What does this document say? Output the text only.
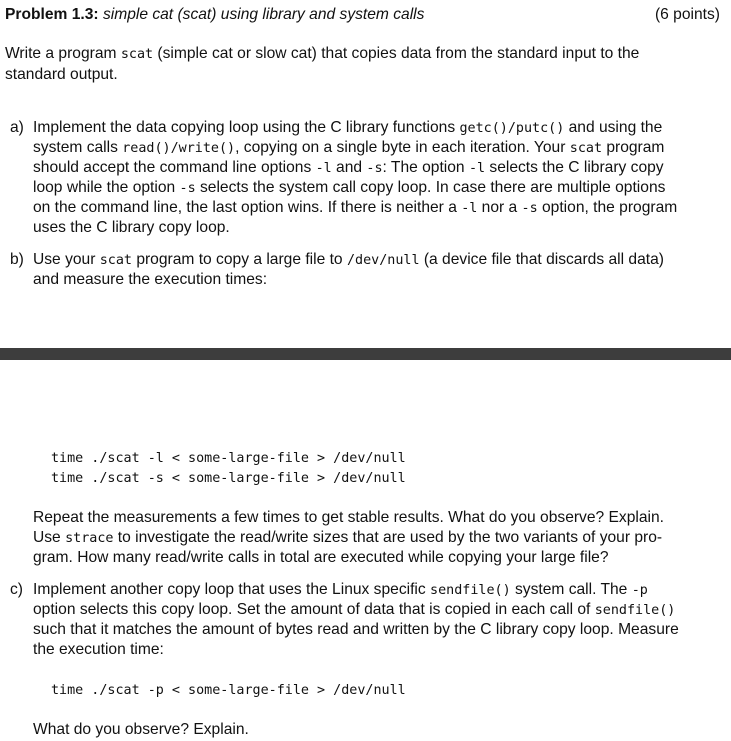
Problem 1.3: simple cat (scat) using library and system calls	(6 points)
Write a program scat (simple cat or slow cat) that copies data from the standard input to the
standard output.
a) Implement the data copying loop using the C library functions getc()/putc() and using the
system calls read()/write(), copying on a single byte in each iteration. Your scat program
should accept the command line options -l and -s: The option -l selects the C library copy
loop while the option -s selects the system call copy loop. In case there are multiple options
on the command line, the last option wins. If there is neither a -l nor a -s option, the program
uses the C library copy loop.
b) Use your scat program to copy a large file to /dev/null (a device file that discards all data)
and measure the execution times:
time ./scat -l < some-large-file > /dev/null
time ./scat -s < some-large-file > /dev/null
Repeat the measurements a few times to get stable results. What do you observe? Explain.
Use strace to investigate the read/write sizes that are used by the two variants of your pro-
gram. How many read/write calls in total are executed while copying your large file?
c) Implement another copy loop that uses the Linux specific sendfile() system call. The -p
option selects this copy loop. Set the amount of data that is copied in each call of sendfile()
such that it matches the amount of bytes read and written by the C library copy loop. Measure
the execution time:
time ./scat -p < some-large-file > /dev/null
What do you observe? Explain.
